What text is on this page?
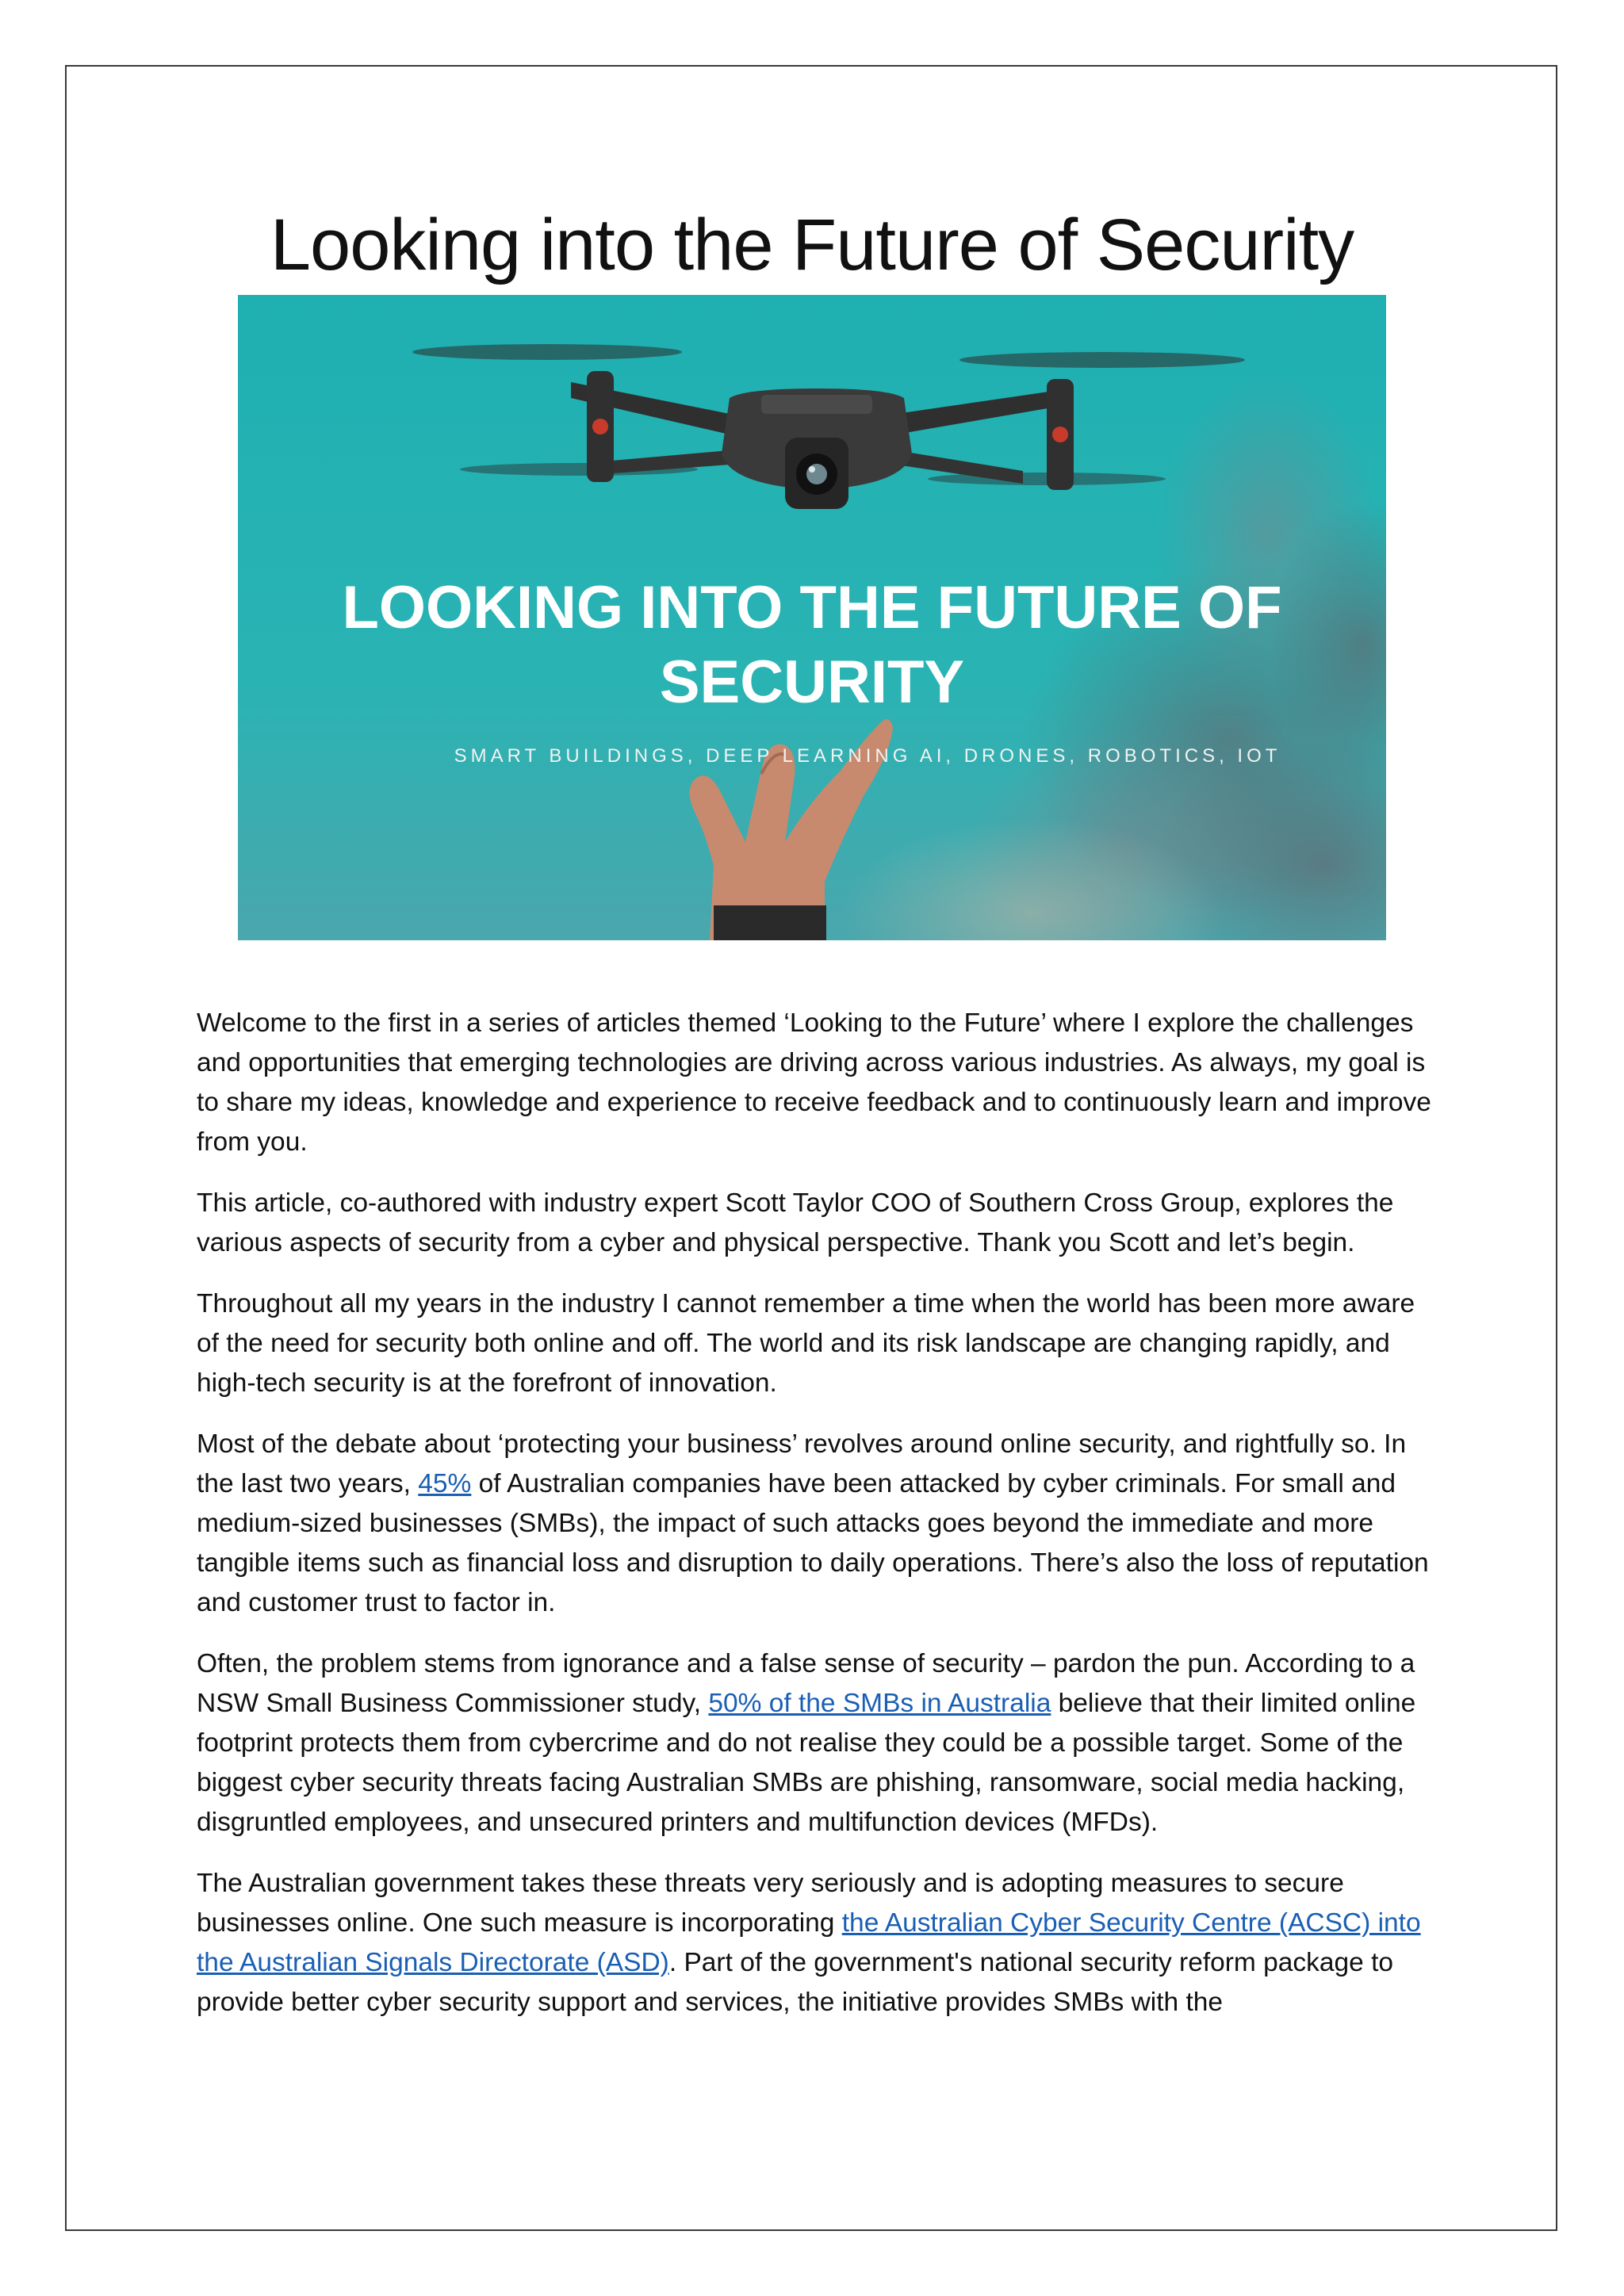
Looking into the Future of Security
LOOKING INTO THE FUTURE OF
SECURITY

SMART BUILDINGS, DEEP LEARNING AI, DRONES, ROBOTICS, IOT

Welcome to the first in a series of articles themed ‘Looking to the Future’ where I explore the challenges and opportunities that emerging technologies are driving across various industries. As always, my goal is to share my ideas, knowledge and experience to receive feedback and to continuously learn and improve from you.

This article, co-authored with industry expert Scott Taylor COO of Southern Cross Group, explores the various aspects of security from a cyber and physical perspective. Thank you Scott and let’s begin.

Throughout all my years in the industry I cannot remember a time when the world has been more aware of the need for security both online and off. The world and its risk landscape are changing rapidly, and high-tech security is at the forefront of innovation.

Most of the debate about ‘protecting your business’ revolves around online security, and rightfully so. In the last two years, 45% of Australian companies have been attacked by cyber criminals. For small and medium-sized businesses (SMBs), the impact of such attacks goes beyond the immediate and more tangible items such as financial loss and disruption to daily operations. There’s also the loss of reputation and customer trust to factor in.

Often, the problem stems from ignorance and a false sense of security – pardon the pun. According to a NSW Small Business Commissioner study, 50% of the SMBs in Australia believe that their limited online footprint protects them from cybercrime and do not realise they could be a possible target. Some of the biggest cyber security threats facing Australian SMBs are phishing, ransomware, social media hacking, disgruntled employees, and unsecured printers and multifunction devices (MFDs).

The Australian government takes these threats very seriously and is adopting measures to secure businesses online. One such measure is incorporating the Australian Cyber Security Centre (ACSC) into the Australian Signals Directorate (ASD). Part of the government's national security reform package to provide better cyber security support and services, the initiative provides SMBs with the
